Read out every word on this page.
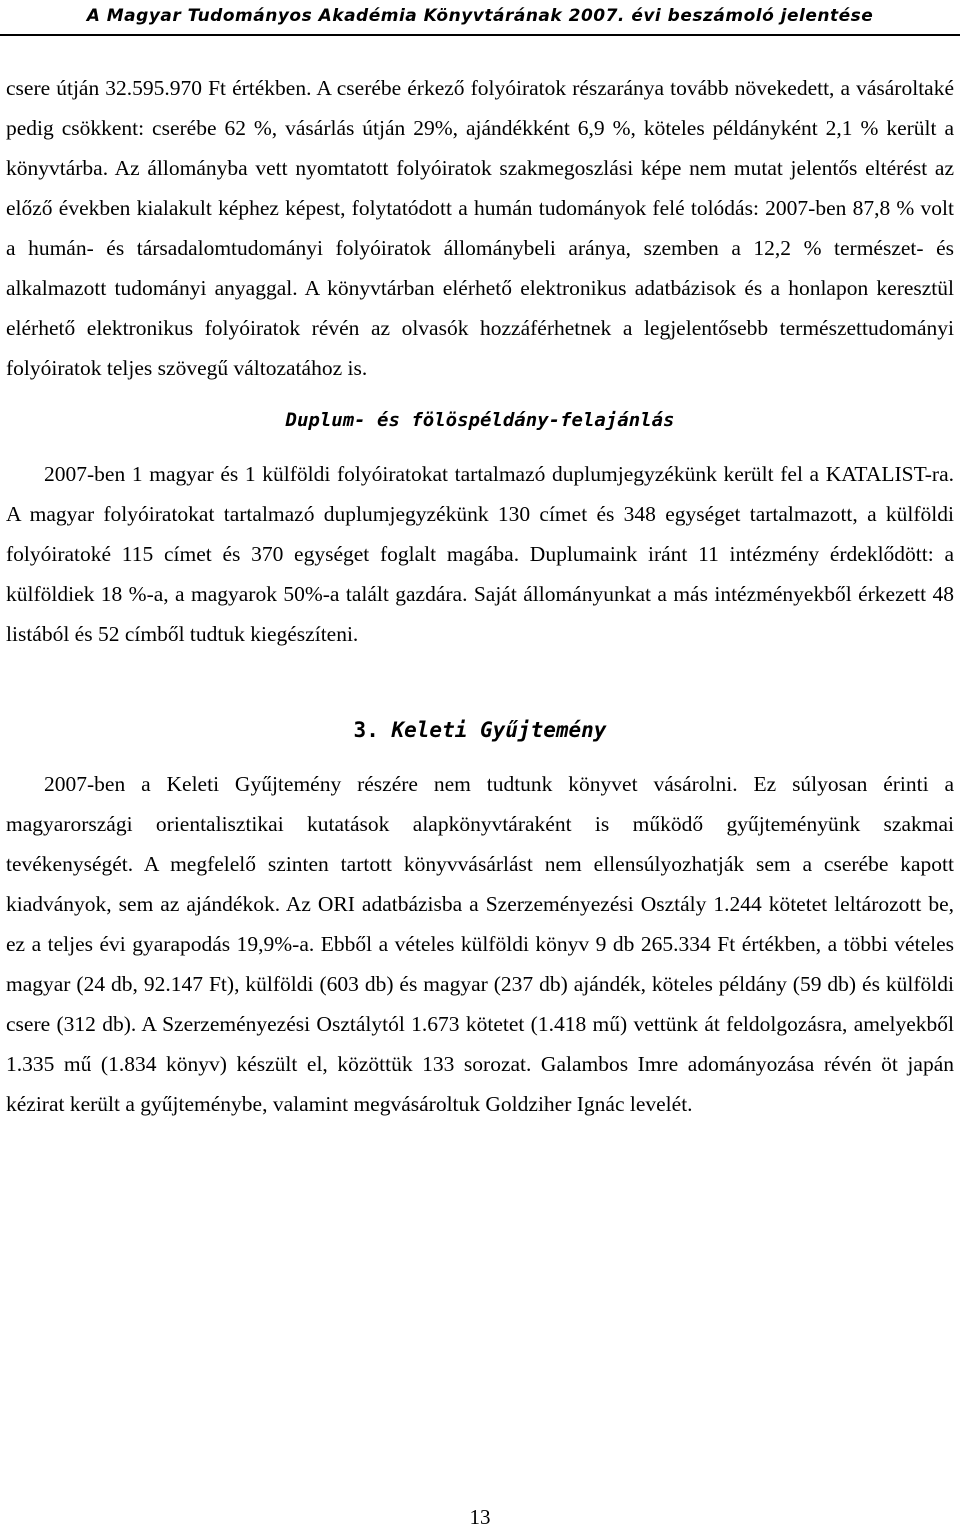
A Magyar Tudományos Akadémia Könyvtárának 2007. évi beszámoló jelentése

csere útján 32.595.970 Ft értékben. A cserébe érkező folyóiratok részaránya tovább növekedett, a vásároltaké pedig csökkent: cserébe 62 %, vásárlás útján 29%, ajándékként 6,9 %, köteles példányként 2,1 % került a könyvtárba. Az állományba vett nyomtatott folyóiratok szakmegoszlási képe nem mutat jelentős eltérést az előző években kialakult képhez képest, folytatódott a humán tudományok felé tolódás: 2007-ben 87,8 % volt a humán- és társadalomtudományi folyóiratok állománybeli aránya, szemben a 12,2 % természet- és alkalmazott tudományi anyaggal. A könyvtárban elérhető elektronikus adatbázisok és a honlapon keresztül elérhető elektronikus folyóiratok révén az olvasók hozzáférhetnek a legjelentősebb természettudományi folyóiratok teljes szövegű változatához is.

Duplum- és fölöspéldány-felajánlás

2007-ben 1 magyar és 1 külföldi folyóiratokat tartalmazó duplumjegyzékünk került fel a KATALIST-ra. A magyar folyóiratokat tartalmazó duplumjegyzékünk 130 címet és 348 egységet tartalmazott, a külföldi folyóiratoké 115 címet és 370 egységet foglalt magába. Duplumaink iránt 11 intézmény érdeklődött: a külföldiek 18 %-a, a magyarok 50%-a talált gazdára. Saját állományunkat a más intézményekből érkezett 48 listából és 52 címből tudtuk kiegészíteni.

3. Keleti Gyűjtemény

2007-ben a Keleti Gyűjtemény részére nem tudtunk könyvet vásárolni. Ez súlyosan érinti a magyarországi orientalisztikai kutatások alapkönyvtáraként is működő gyűjteményünk szakmai tevékenységét. A megfelelő szinten tartott könyvvásárlást nem ellensúlyozhatják sem a cserébe kapott kiadványok, sem az ajándékok. Az ORI adatbázisba a Szerzeményezési Osztály 1.244 kötetet leltározott be, ez a teljes évi gyarapodás 19,9%-a. Ebből a vételes külföldi könyv 9 db 265.334 Ft értékben, a többi vételes magyar (24 db, 92.147 Ft), külföldi (603 db) és magyar (237 db) ajándék, köteles példány (59 db) és külföldi csere (312 db). A Szerzeményezési Osztálytól 1.673 kötetet (1.418 mű) vettünk át feldolgozásra, amelyekből 1.335 mű (1.834 könyv) készült el, közöttük 133 sorozat. Galambos Imre adományozása révén öt japán kézirat került a gyűjteménybe, valamint megvásároltuk Goldziher Ignác levelét.

13
